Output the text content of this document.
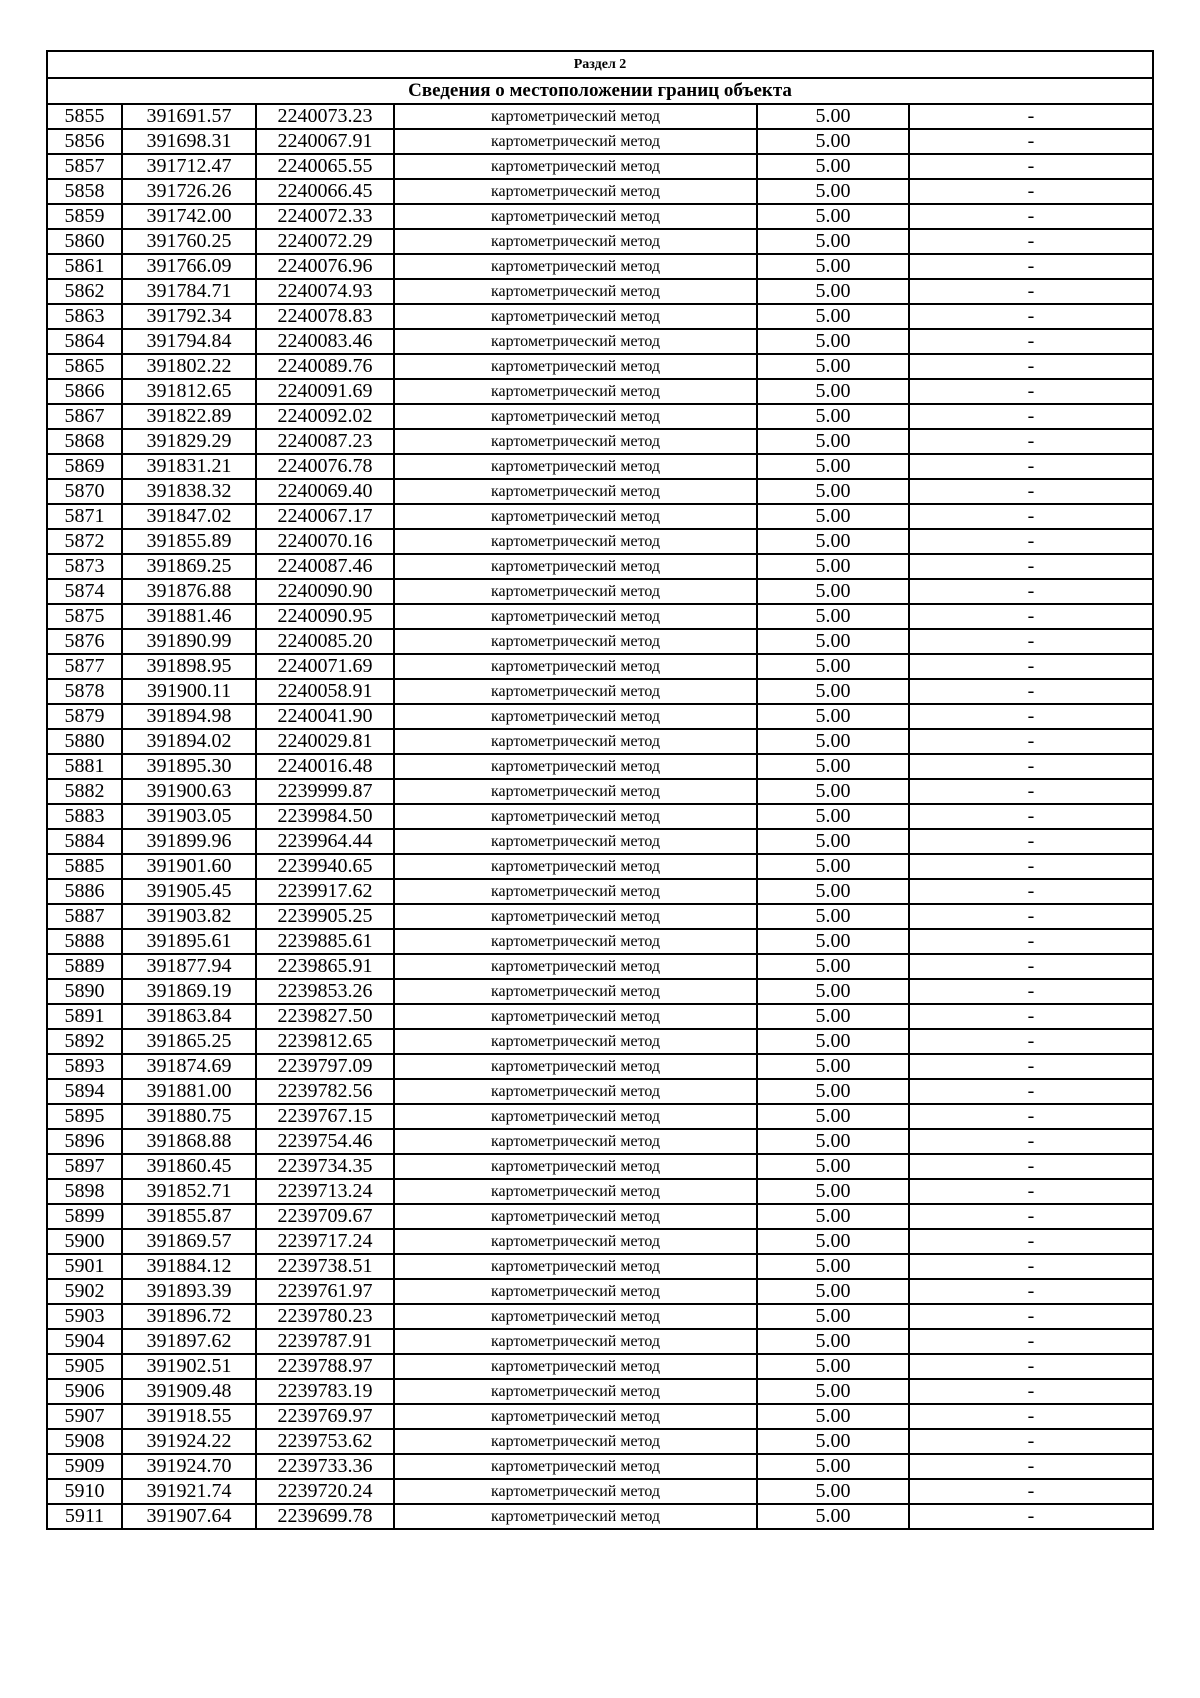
Раздел 2					
Сведения о местоположении границ объекта					
5855	391691.57	2240073.23	картометрический метод	5.00	-
5856	391698.31	2240067.91	картометрический метод	5.00	-
5857	391712.47	2240065.55	картометрический метод	5.00	-
5858	391726.26	2240066.45	картометрический метод	5.00	-
5859	391742.00	2240072.33	картометрический метод	5.00	-
5860	391760.25	2240072.29	картометрический метод	5.00	-
5861	391766.09	2240076.96	картометрический метод	5.00	-
5862	391784.71	2240074.93	картометрический метод	5.00	-
5863	391792.34	2240078.83	картометрический метод	5.00	-
5864	391794.84	2240083.46	картометрический метод	5.00	-
5865	391802.22	2240089.76	картометрический метод	5.00	-
5866	391812.65	2240091.69	картометрический метод	5.00	-
5867	391822.89	2240092.02	картометрический метод	5.00	-
5868	391829.29	2240087.23	картометрический метод	5.00	-
5869	391831.21	2240076.78	картометрический метод	5.00	-
5870	391838.32	2240069.40	картометрический метод	5.00	-
5871	391847.02	2240067.17	картометрический метод	5.00	-
5872	391855.89	2240070.16	картометрический метод	5.00	-
5873	391869.25	2240087.46	картометрический метод	5.00	-
5874	391876.88	2240090.90	картометрический метод	5.00	-
5875	391881.46	2240090.95	картометрический метод	5.00	-
5876	391890.99	2240085.20	картометрический метод	5.00	-
5877	391898.95	2240071.69	картометрический метод	5.00	-
5878	391900.11	2240058.91	картометрический метод	5.00	-
5879	391894.98	2240041.90	картометрический метод	5.00	-
5880	391894.02	2240029.81	картометрический метод	5.00	-
5881	391895.30	2240016.48	картометрический метод	5.00	-
5882	391900.63	2239999.87	картометрический метод	5.00	-
5883	391903.05	2239984.50	картометрический метод	5.00	-
5884	391899.96	2239964.44	картометрический метод	5.00	-
5885	391901.60	2239940.65	картометрический метод	5.00	-
5886	391905.45	2239917.62	картометрический метод	5.00	-
5887	391903.82	2239905.25	картометрический метод	5.00	-
5888	391895.61	2239885.61	картометрический метод	5.00	-
5889	391877.94	2239865.91	картометрический метод	5.00	-
5890	391869.19	2239853.26	картометрический метод	5.00	-
5891	391863.84	2239827.50	картометрический метод	5.00	-
5892	391865.25	2239812.65	картометрический метод	5.00	-
5893	391874.69	2239797.09	картометрический метод	5.00	-
5894	391881.00	2239782.56	картометрический метод	5.00	-
5895	391880.75	2239767.15	картометрический метод	5.00	-
5896	391868.88	2239754.46	картометрический метод	5.00	-
5897	391860.45	2239734.35	картометрический метод	5.00	-
5898	391852.71	2239713.24	картометрический метод	5.00	-
5899	391855.87	2239709.67	картометрический метод	5.00	-
5900	391869.57	2239717.24	картометрический метод	5.00	-
5901	391884.12	2239738.51	картометрический метод	5.00	-
5902	391893.39	2239761.97	картометрический метод	5.00	-
5903	391896.72	2239780.23	картометрический метод	5.00	-
5904	391897.62	2239787.91	картометрический метод	5.00	-
5905	391902.51	2239788.97	картометрический метод	5.00	-
5906	391909.48	2239783.19	картометрический метод	5.00	-
5907	391918.55	2239769.97	картометрический метод	5.00	-
5908	391924.22	2239753.62	картометрический метод	5.00	-
5909	391924.70	2239733.36	картометрический метод	5.00	-
5910	391921.74	2239720.24	картометрический метод	5.00	-
5911	391907.64	2239699.78	картометрический метод	5.00	-
